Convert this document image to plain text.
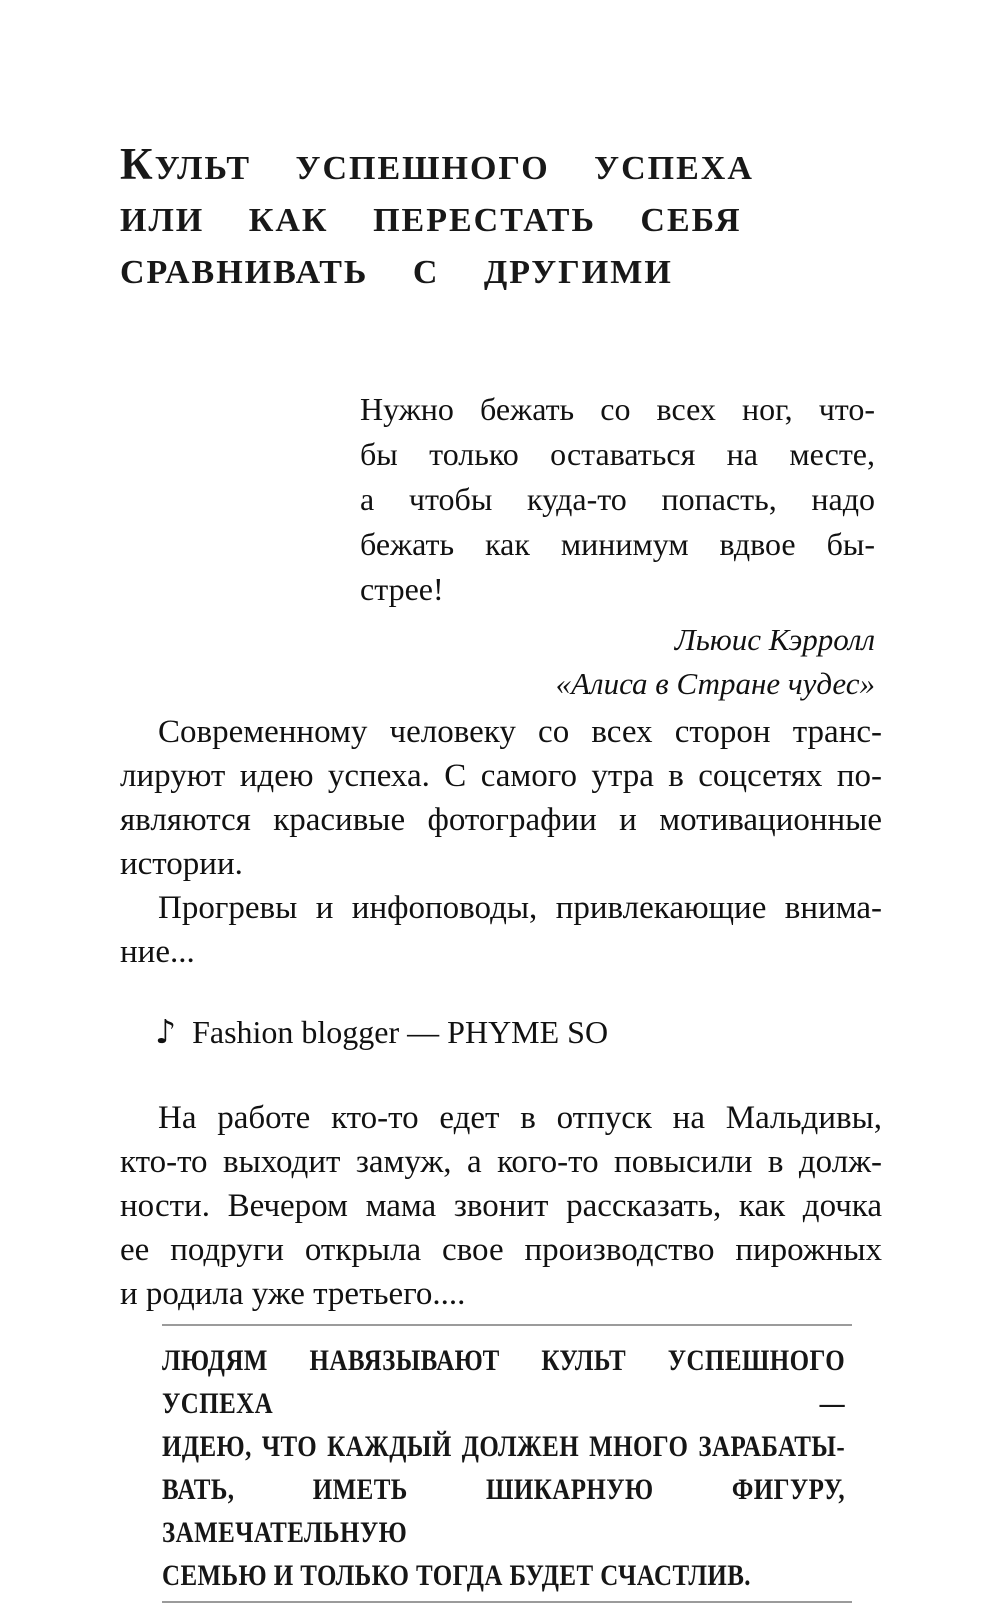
КУЛЬТ УСПЕШНОГО УСПЕХА
ИЛИ КАК ПЕРЕСТАТЬ СЕБЯ
СРАВНИВАТЬ С ДРУГИМИ
Нужно бежать со всех ног, что-
бы только оставаться на месте,
а чтобы куда-то попасть, надо
бежать как минимум вдвое бы-
стрее!
Льюис Кэрролл
«Алиса в Стране чудес»

Современному человеку со всех сторон транс-
лируют идею успеха. С самого утра в соцсетях по-
являются красивые фотографии и мотивационные
истории.

Прогревы и инфоповоды, привлекающие внима-
ние...

♪ Fashion blogger — PHYME SO

На работе кто-то едет в отпуск на Мальдивы,
кто-то выходит замуж, а кого-то повысили в долж-
ности. Вечером мама звонит рассказать, как дочка
ее подруги открыла свое производство пирожных
и родила уже третьего....

ЛЮДЯМ НАВЯЗЫВАЮТ КУЛЬТ УСПЕШНОГО УСПЕХА —
ИДЕЮ, ЧТО КАЖДЫЙ ДОЛЖЕН МНОГО ЗАРАБАТЫ-
ВАТЬ, ИМЕТЬ ШИКАРНУЮ ФИГУРУ, ЗАМЕЧАТЕЛЬНУЮ
СЕМЬЮ И ТОЛЬКО ТОГДА БУДЕТ СЧАСТЛИВ.
